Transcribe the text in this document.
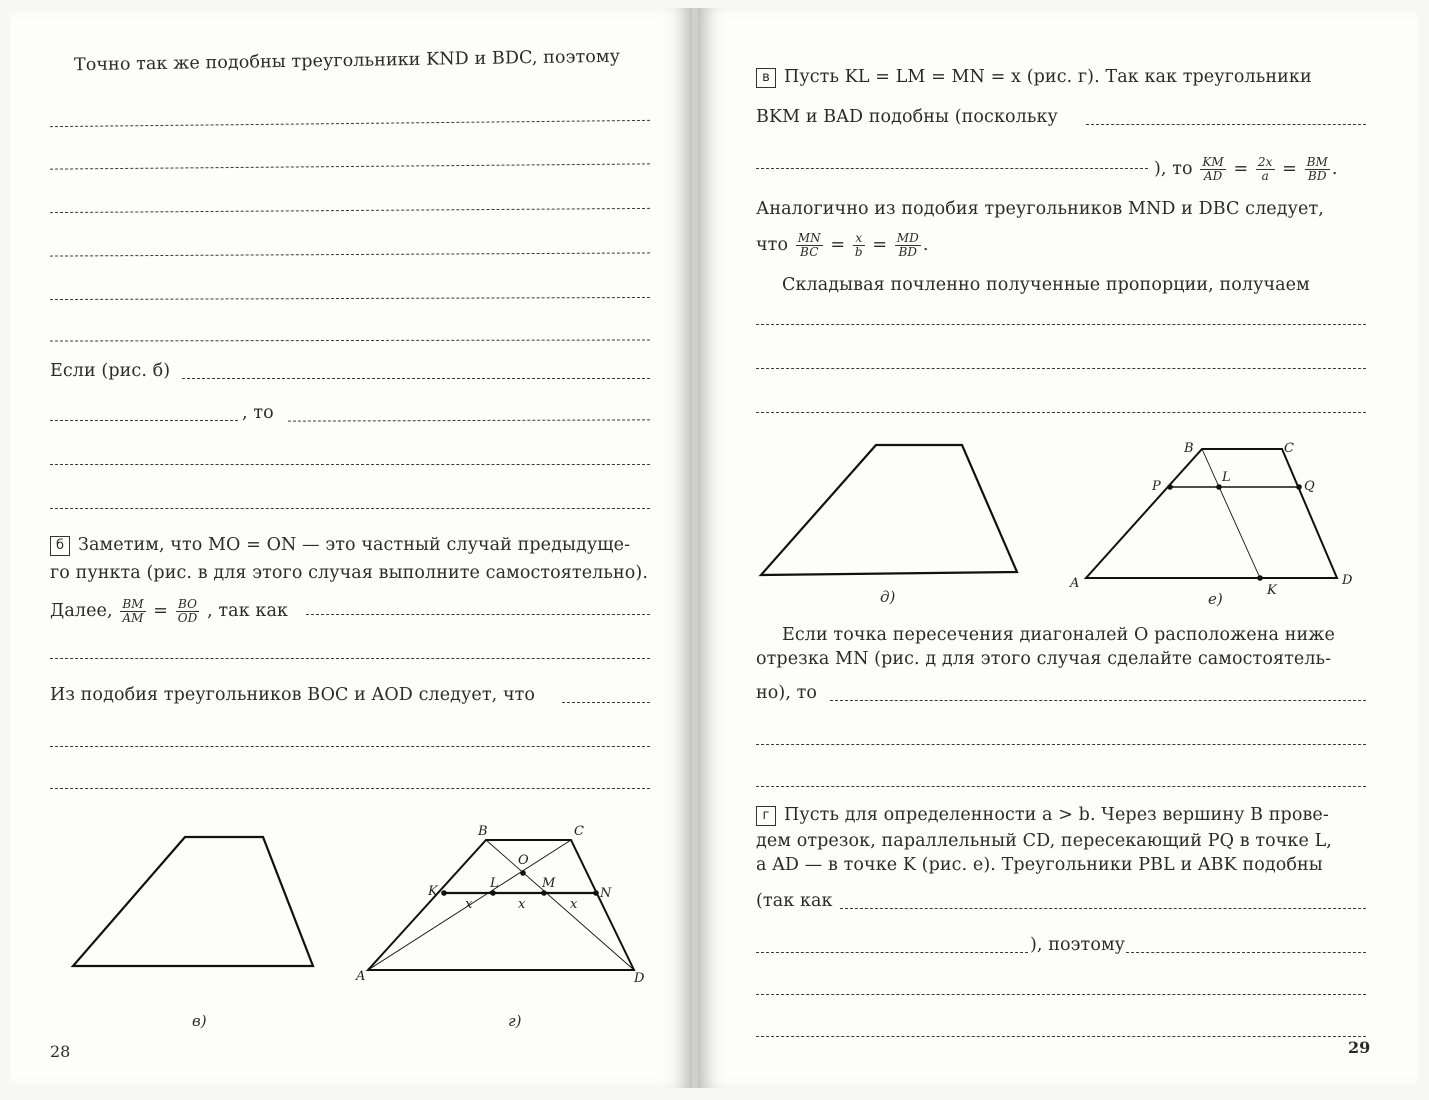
Точно так же подобны треугольники KND и BDC, поэтому
Если (рис. б)
, то
б Заметим, что MO = ON — это частный случай предыдуще-
го пункта (рис. в для этого случая выполните самостоятельно).
Далее, $\frac{BM}{AM} = \frac{BO}{OD}$ , так как
Из подобия треугольников BOC и AOD следует, что
в)
B	C
O
K
L	M
N
x	x	x
A	D
г)
28
в Пусть KL = LM = MN = x (рис. г). Так как треугольники
BKM и BAD подобны (поскольку
), то $\frac{KM}{AD} = \frac{2x}{a} = \frac{BM}{BD}$ .
Аналогично из подобия треугольников MND и DBC следует,
что $\frac{MN}{BC} = \frac{x}{b} = \frac{MD}{BD}$ .
Складывая почленно полученные пропорции, получаем
д)
B	C
P
L
Q
A	K
D
е)
Если точка пересечения диагоналей O расположена ниже
отрезка MN (рис. д для этого случая сделайте самостоятель-
но), то
г Пусть для определенности a > b. Через вершину B прове-
дем отрезок, параллельный CD, пересекающий PQ в точке L,
а AD — в точке K (рис. е). Треугольники PBL и ABK подобны
(так как
), поэтому
29
